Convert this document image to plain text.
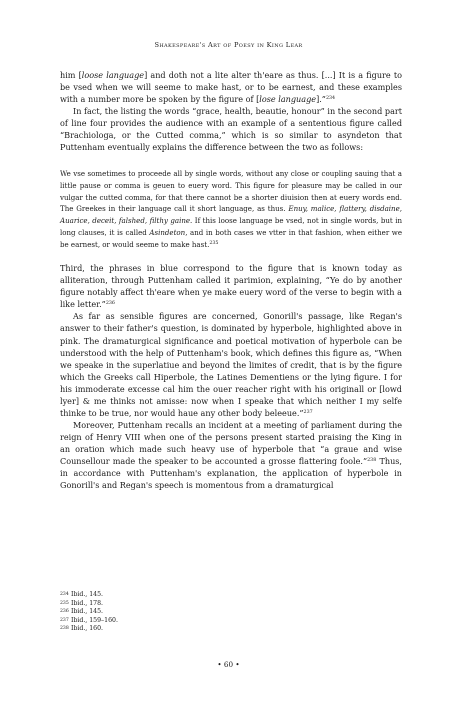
Shakespeare's Art of Poesy in King Lear

him [loose language] and doth not a lite alter th'eare as thus. [...] It is a figure to be vsed when we will seeme to make hast, or to be earnest, and these examples with a number more be spoken by the figure of [lose language].”$^{234}$

In fact, the listing the words “grace, health, beautie, honour” in the second part of line four provides the audience with an example of a sententious figure called “Brachiologa, or the Cutted comma,” which is so similar to asyndeton that Puttenham eventually explains the difference between the two as follows:

We vse sometimes to proceede all by single words, without any close or coupling sauing that a little pause or comma is geuen to euery word. This figure for pleasure may be called in our vulgar the cutted comma, for that there cannot be a shorter diuision then at euery words end. The Greekes in their language call it short language, as thus. Enuy, malice, flattery, disdaine, Auarice, deceit, falshed, filthy gaine. If this loose language be vsed, not in single words, but in long clauses, it is called Asindeton, and in both cases we vtter in that fashion, when either we be earnest, or would seeme to make hast.$^{235}$

Third, the phrases in blue correspond to the figure that is known today as alliteration, through Puttenham called it parimion, explaining, “Ye do by another figure notably affect th'eare when ye make euery word of the verse to begin with a like letter.”$^{236}$

As far as sensible figures are concerned, Gonorill's passage, like Regan's answer to their father's question, is dominated by hyperbole, highlighted above in pink. The dramaturgical significance and poetical motivation of hyperbole can be understood with the help of Puttenham's book, which defines this figure as, “When we speake in the superlatiue and beyond the limites of credit, that is by the figure which the Greeks call Hiperbole, the Latines Dementiens or the lying figure. I for his immoderate excesse cal him the ouer reacher right with his originall or [lowd lyer] & me thinks not amisse: now when I speake that which neither I my selfe thinke to be true, nor would haue any other body beleeue.”$^{237}$

Moreover, Puttenham recalls an incident at a meeting of parliament during the reign of Henry VIII when one of the persons present started praising the King in an oration which made such heavy use of hyperbole that “a graue and wise Counsellour made the speaker to be accounted a grosse flattering foole.”$^{238}$ Thus, in accordance with Puttenham's explanation, the application of hyperbole in Gonorill's and Regan's speech is momentous from a dramaturgical

234 Ibid., 145.
235 Ibid., 178.
236 Ibid., 145.
237 Ibid., 159–160.
238 Ibid., 160.
• 60 •
